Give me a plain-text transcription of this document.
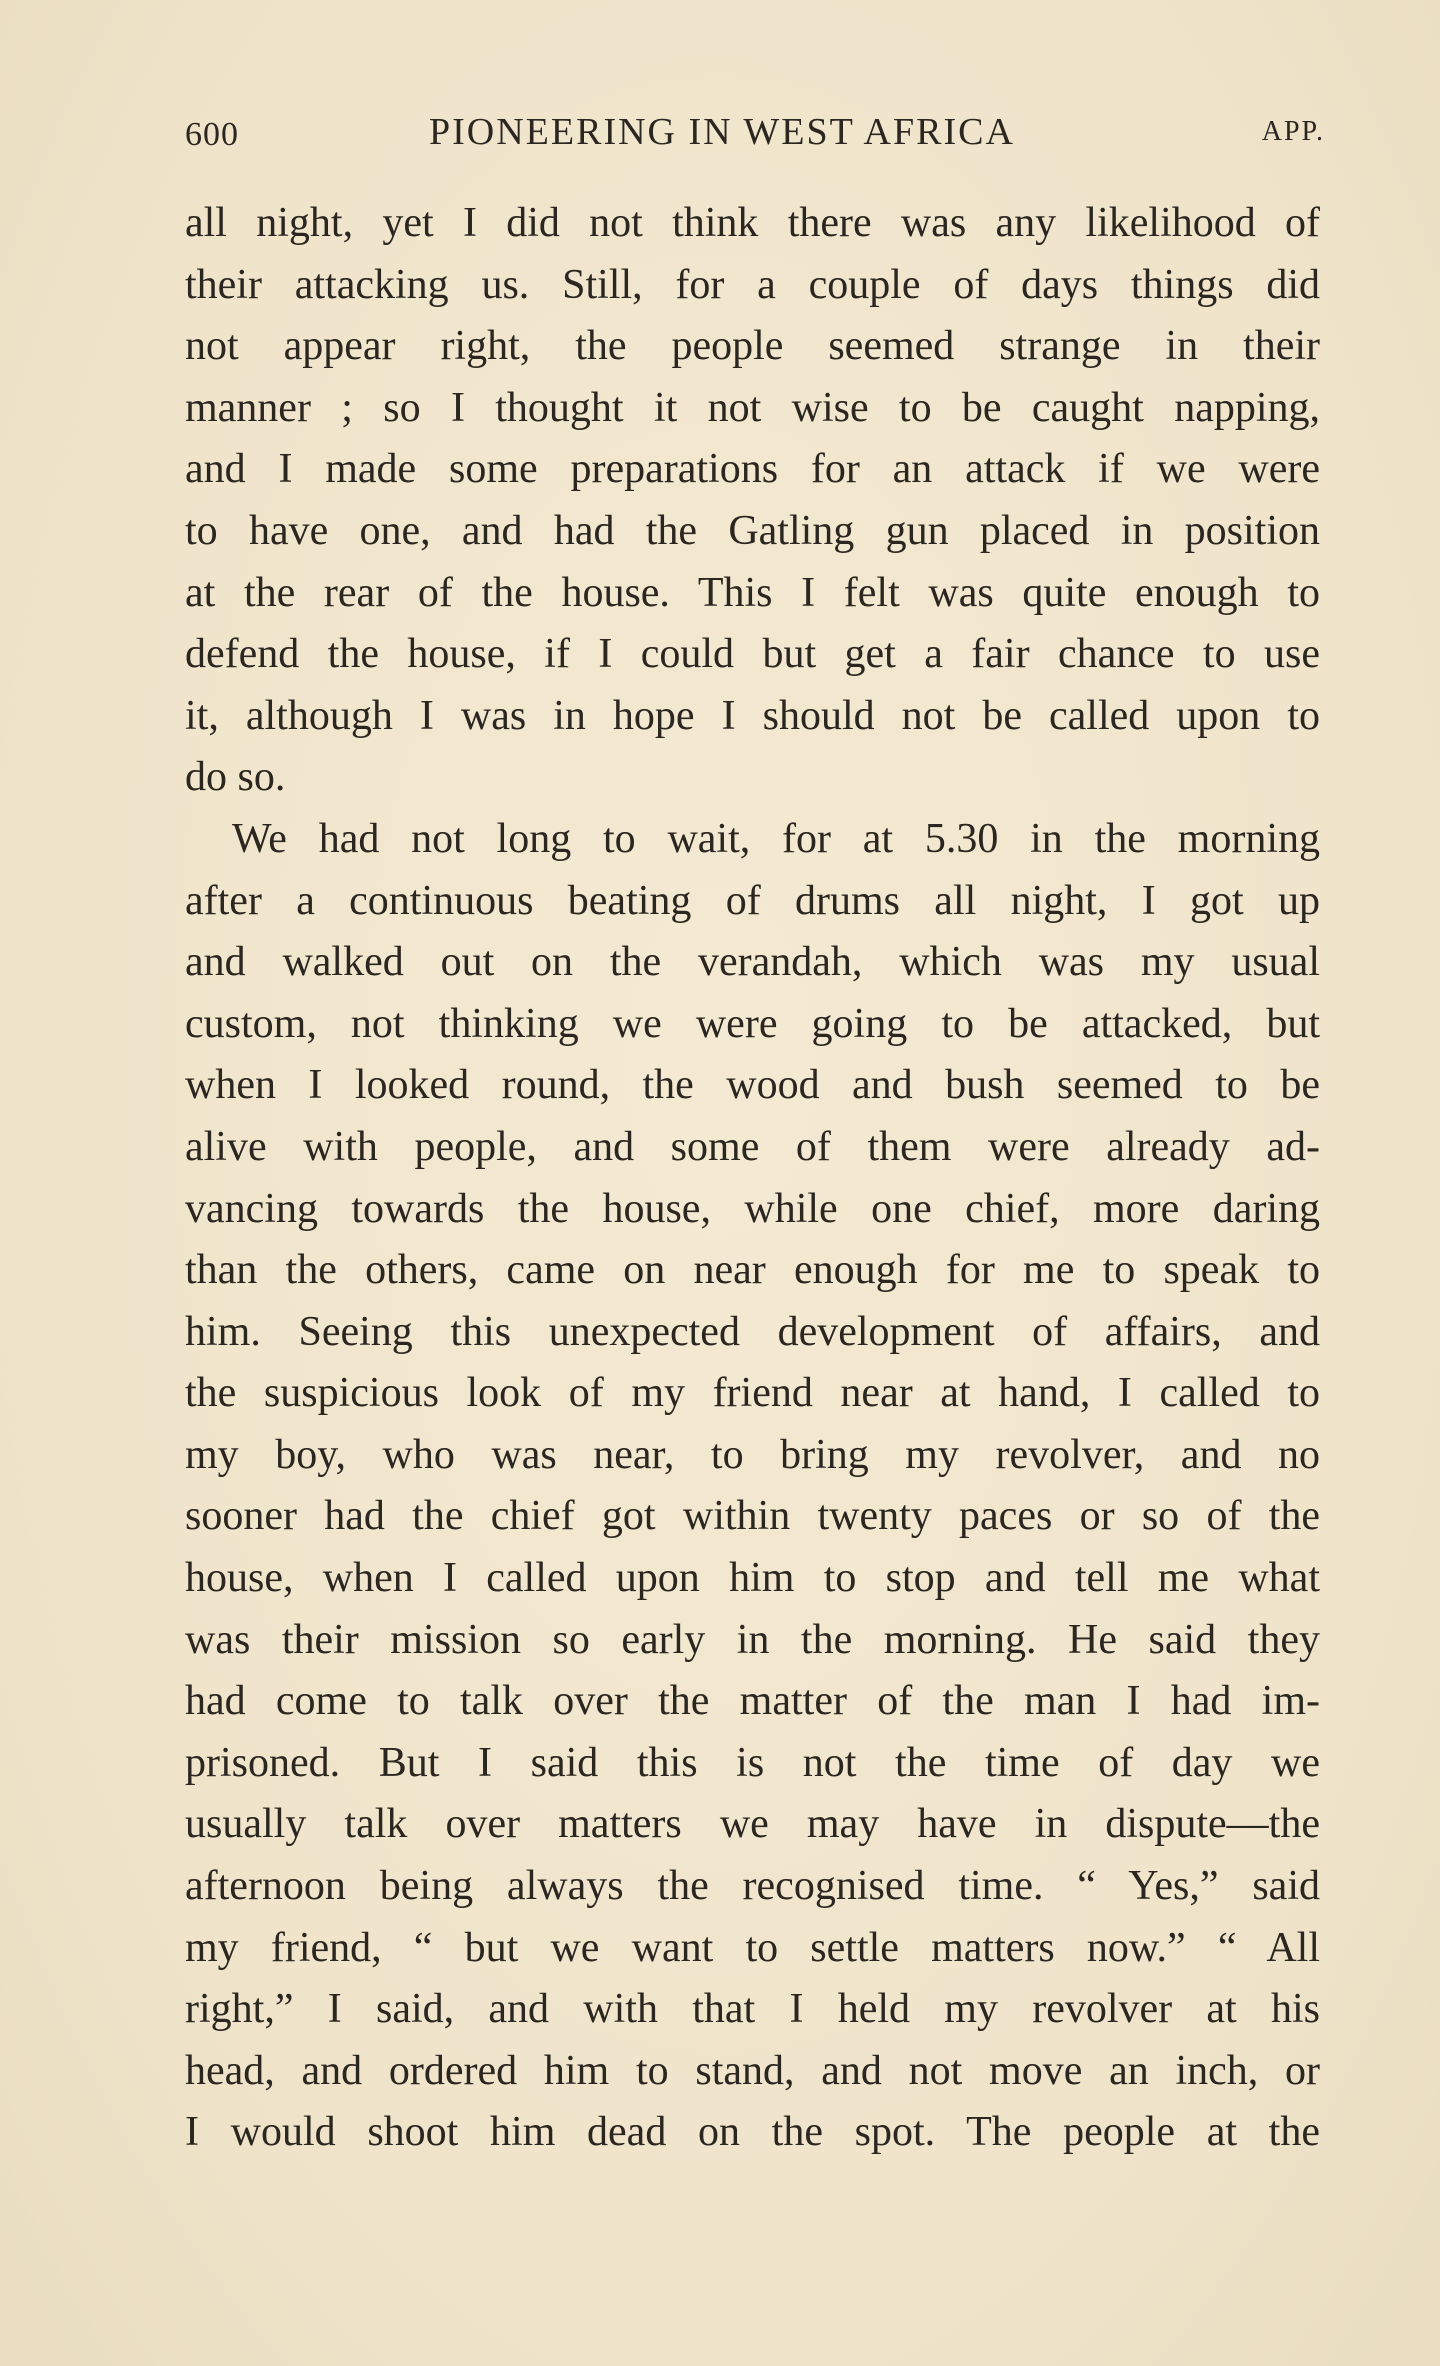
600	PIONEERING IN WEST AFRICA	APP.
all night, yet I did not think there was any likelihood of
their attacking us. Still, for a couple of days things did
not appear right, the people seemed strange in their
manner ; so I thought it not wise to be caught napping,
and I made some preparations for an attack if we were
to have one, and had the Gatling gun placed in position
at the rear of the house. This I felt was quite enough to
defend the house, if I could but get a fair chance to use
it, although I was in hope I should not be called upon to
do so.
We had not long to wait, for at 5.30 in the morning
after a continuous beating of drums all night, I got up
and walked out on the verandah, which was my usual
custom, not thinking we were going to be attacked, but
when I looked round, the wood and bush seemed to be
alive with people, and some of them were already ad-
vancing towards the house, while one chief, more daring
than the others, came on near enough for me to speak to
him. Seeing this unexpected development of affairs, and
the suspicious look of my friend near at hand, I called to
my boy, who was near, to bring my revolver, and no
sooner had the chief got within twenty paces or so of the
house, when I called upon him to stop and tell me what
was their mission so early in the morning. He said they
had come to talk over the matter of the man I had im-
prisoned. But I said this is not the time of day we
usually talk over matters we may have in dispute—the
afternoon being always the recognised time. “ Yes,” said
my friend, “ but we want to settle matters now.” “ All
right,” I said, and with that I held my revolver at his
head, and ordered him to stand, and not move an inch, or
I would shoot him dead on the spot. The people at the
